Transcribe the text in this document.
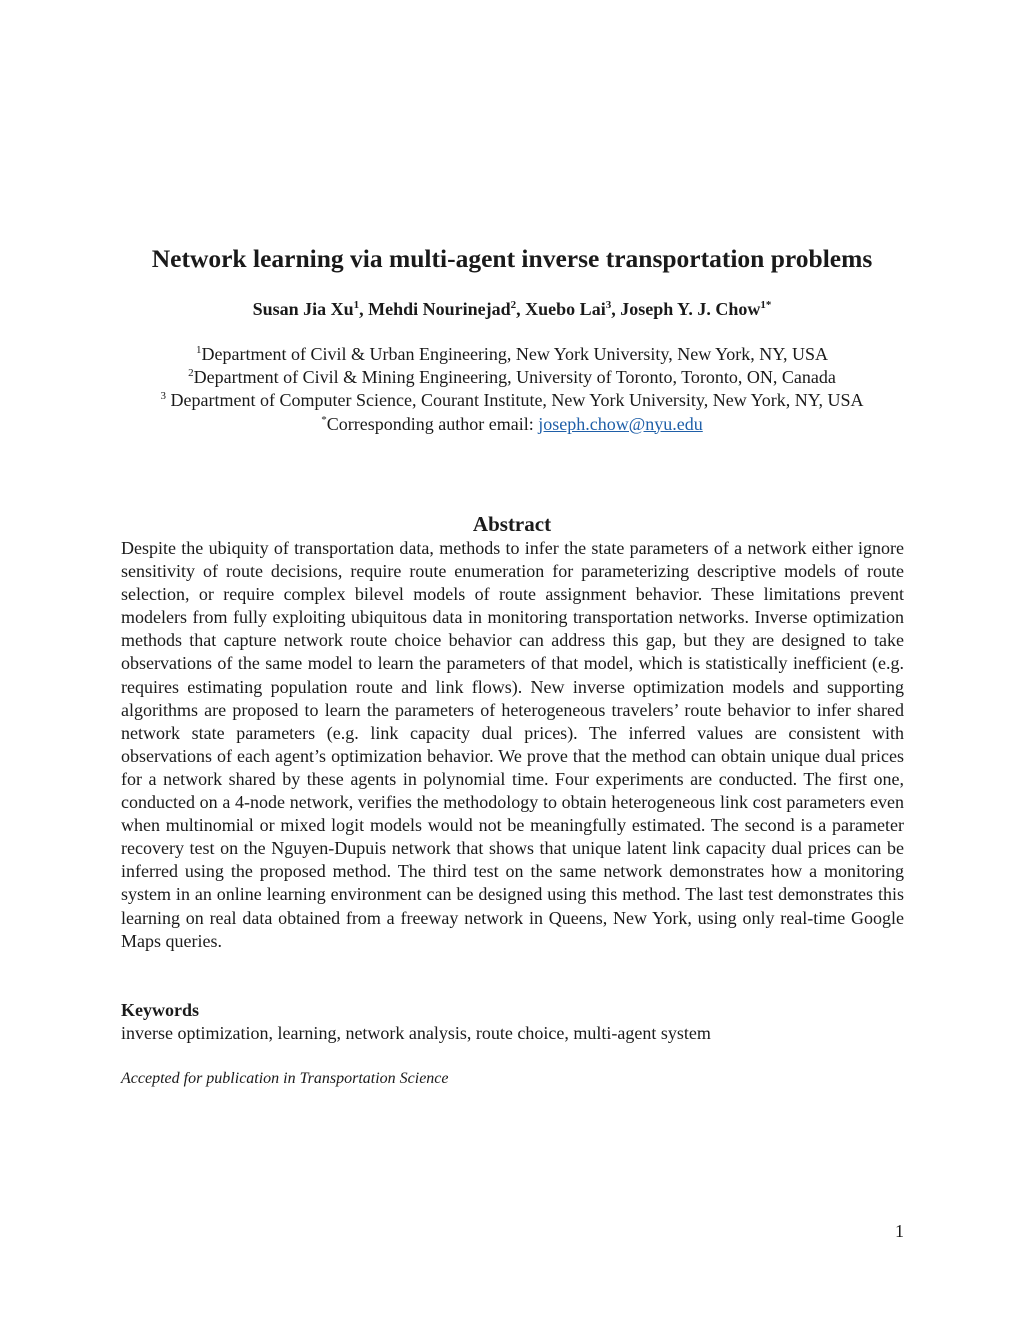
Network learning via multi-agent inverse transportation problems
Susan Jia Xu$^1$, Mehdi Nourinejad$^2$, Xuebo Lai$^3$, Joseph Y. J. Chow$^{1*}$
$^1$Department of Civil & Urban Engineering, New York University, New York, NY, USA
$^2$Department of Civil & Mining Engineering, University of Toronto, Toronto, ON, Canada
$^3$ Department of Computer Science, Courant Institute, New York University, New York, NY, USA
*Corresponding author email: joseph.chow@nyu.edu
Abstract

Despite the ubiquity of transportation data, methods to infer the state parameters of a network either ignore sensitivity of route decisions, require route enumeration for parameterizing descriptive models of route selection, or require complex bilevel models of route assignment behavior. These limitations prevent modelers from fully exploiting ubiquitous data in monitoring transportation networks. Inverse optimization methods that capture network route choice behavior can address this gap, but they are designed to take observations of the same model to learn the parameters of that model, which is statistically inefficient (e.g. requires estimating population route and link flows). New inverse optimization models and supporting algorithms are proposed to learn the parameters of heterogeneous travelers’ route behavior to infer shared network state parameters (e.g. link capacity dual prices). The inferred values are consistent with observations of each agent’s optimization behavior. We prove that the method can obtain unique dual prices for a network shared by these agents in polynomial time. Four experiments are conducted. The first one, conducted on a 4-node network, verifies the methodology to obtain heterogeneous link cost parameters even when multinomial or mixed logit models would not be meaningfully estimated. The second is a parameter recovery test on the Nguyen-Dupuis network that shows that unique latent link capacity dual prices can be inferred using the proposed method. The third test on the same network demonstrates how a monitoring system in an online learning environment can be designed using this method. The last test demonstrates this learning on real data obtained from a freeway network in Queens, New York, using only real-time Google Maps queries.

Keywords

inverse optimization, learning, network analysis, route choice, multi-agent system

Accepted for publication in Transportation Science

1
